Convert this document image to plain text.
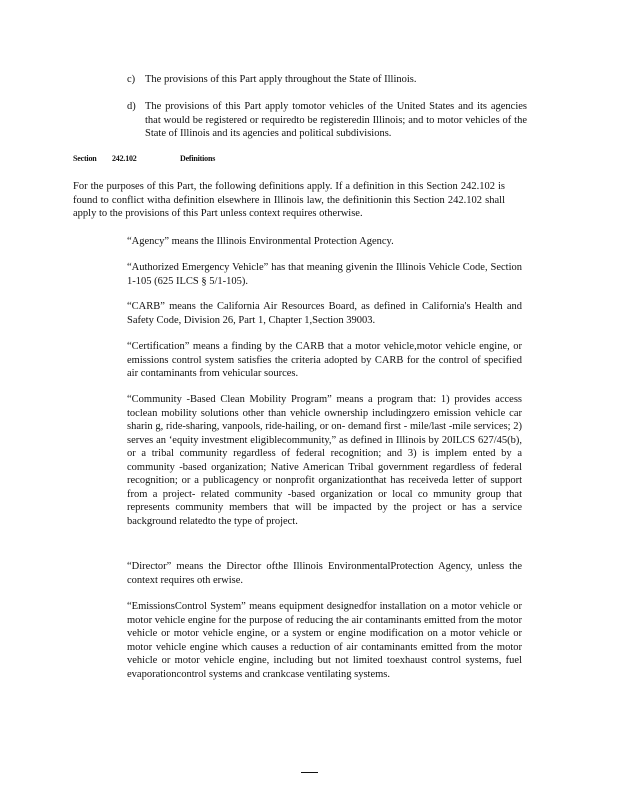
c) The provisions of this Part apply throughout the State of Illinois.
d) The provisions of this Part apply tomotor vehicles of the United States and its agencies that would be registered or requiredto be registeredin Illinois; and to motor vehicles of the State of Illinois and its agencies and political subdivisions.
Section 242.102	Definitions
For the purposes of this Part, the following definitions apply. If a definition in this Section 242.102 is found to conflict witha definition elsewhere in Illinois law, the definitionin this Section 242.102 shall apply to the provisions of this Part unless context requires otherwise.
“Agency” means the Illinois Environmental Protection Agency.
“Authorized Emergency Vehicle” has that meaning givenin the Illinois Vehicle Code, Section 1-105 (625 ILCS § 5/1-105).
“CARB” means the California Air Resources Board, as defined in California's Health and Safety Code, Division 26, Part 1, Chapter 1,Section 39003.
“Certification” means a finding by the CARB that a motor vehicle,motor vehicle engine, or emissions control system satisfies the criteria adopted by CARB for the control of specified air contaminants from vehicular sources.
“Community -Based Clean Mobility Program” means a program that: 1) provides access toclean mobility solutions other than vehicle ownership includingzero emission vehicle car sharin g, ride-sharing, vanpools, ride-hailing, or on- demand first - mile/last -mile services; 2) serves an ‘equity investment eligiblecommunity,” as defined in Illinois by 20ILCS 627/45(b), or a tribal community regardless of federal recognition; and 3) is implem ented by a community -based organization; Native American Tribal government regardless of federal recognition; or a publicagency or nonprofit organizationthat has receiveda letter of support from a project- related community -based organization or local co mmunity group that represents community members that will be impacted by the project or has a service background relatedto the type of project.
“Director” means the Director ofthe Illinois EnvironmentalProtection Agency, unless the context requires oth erwise.
“EmissionsControl System” means equipment designedfor installation on a motor vehicle or motor vehicle engine for the purpose of reducing the air contaminants emitted from the motor vehicle or motor vehicle engine, or a system or engine modification on a motor vehicle or motor vehicle engine which causes a reduction of air contaminants emitted from the motor vehicle or motor vehicle engine, including but not limited toexhaust control systems, fuel evaporationcontrol systems and crankcase ventilating systems.
